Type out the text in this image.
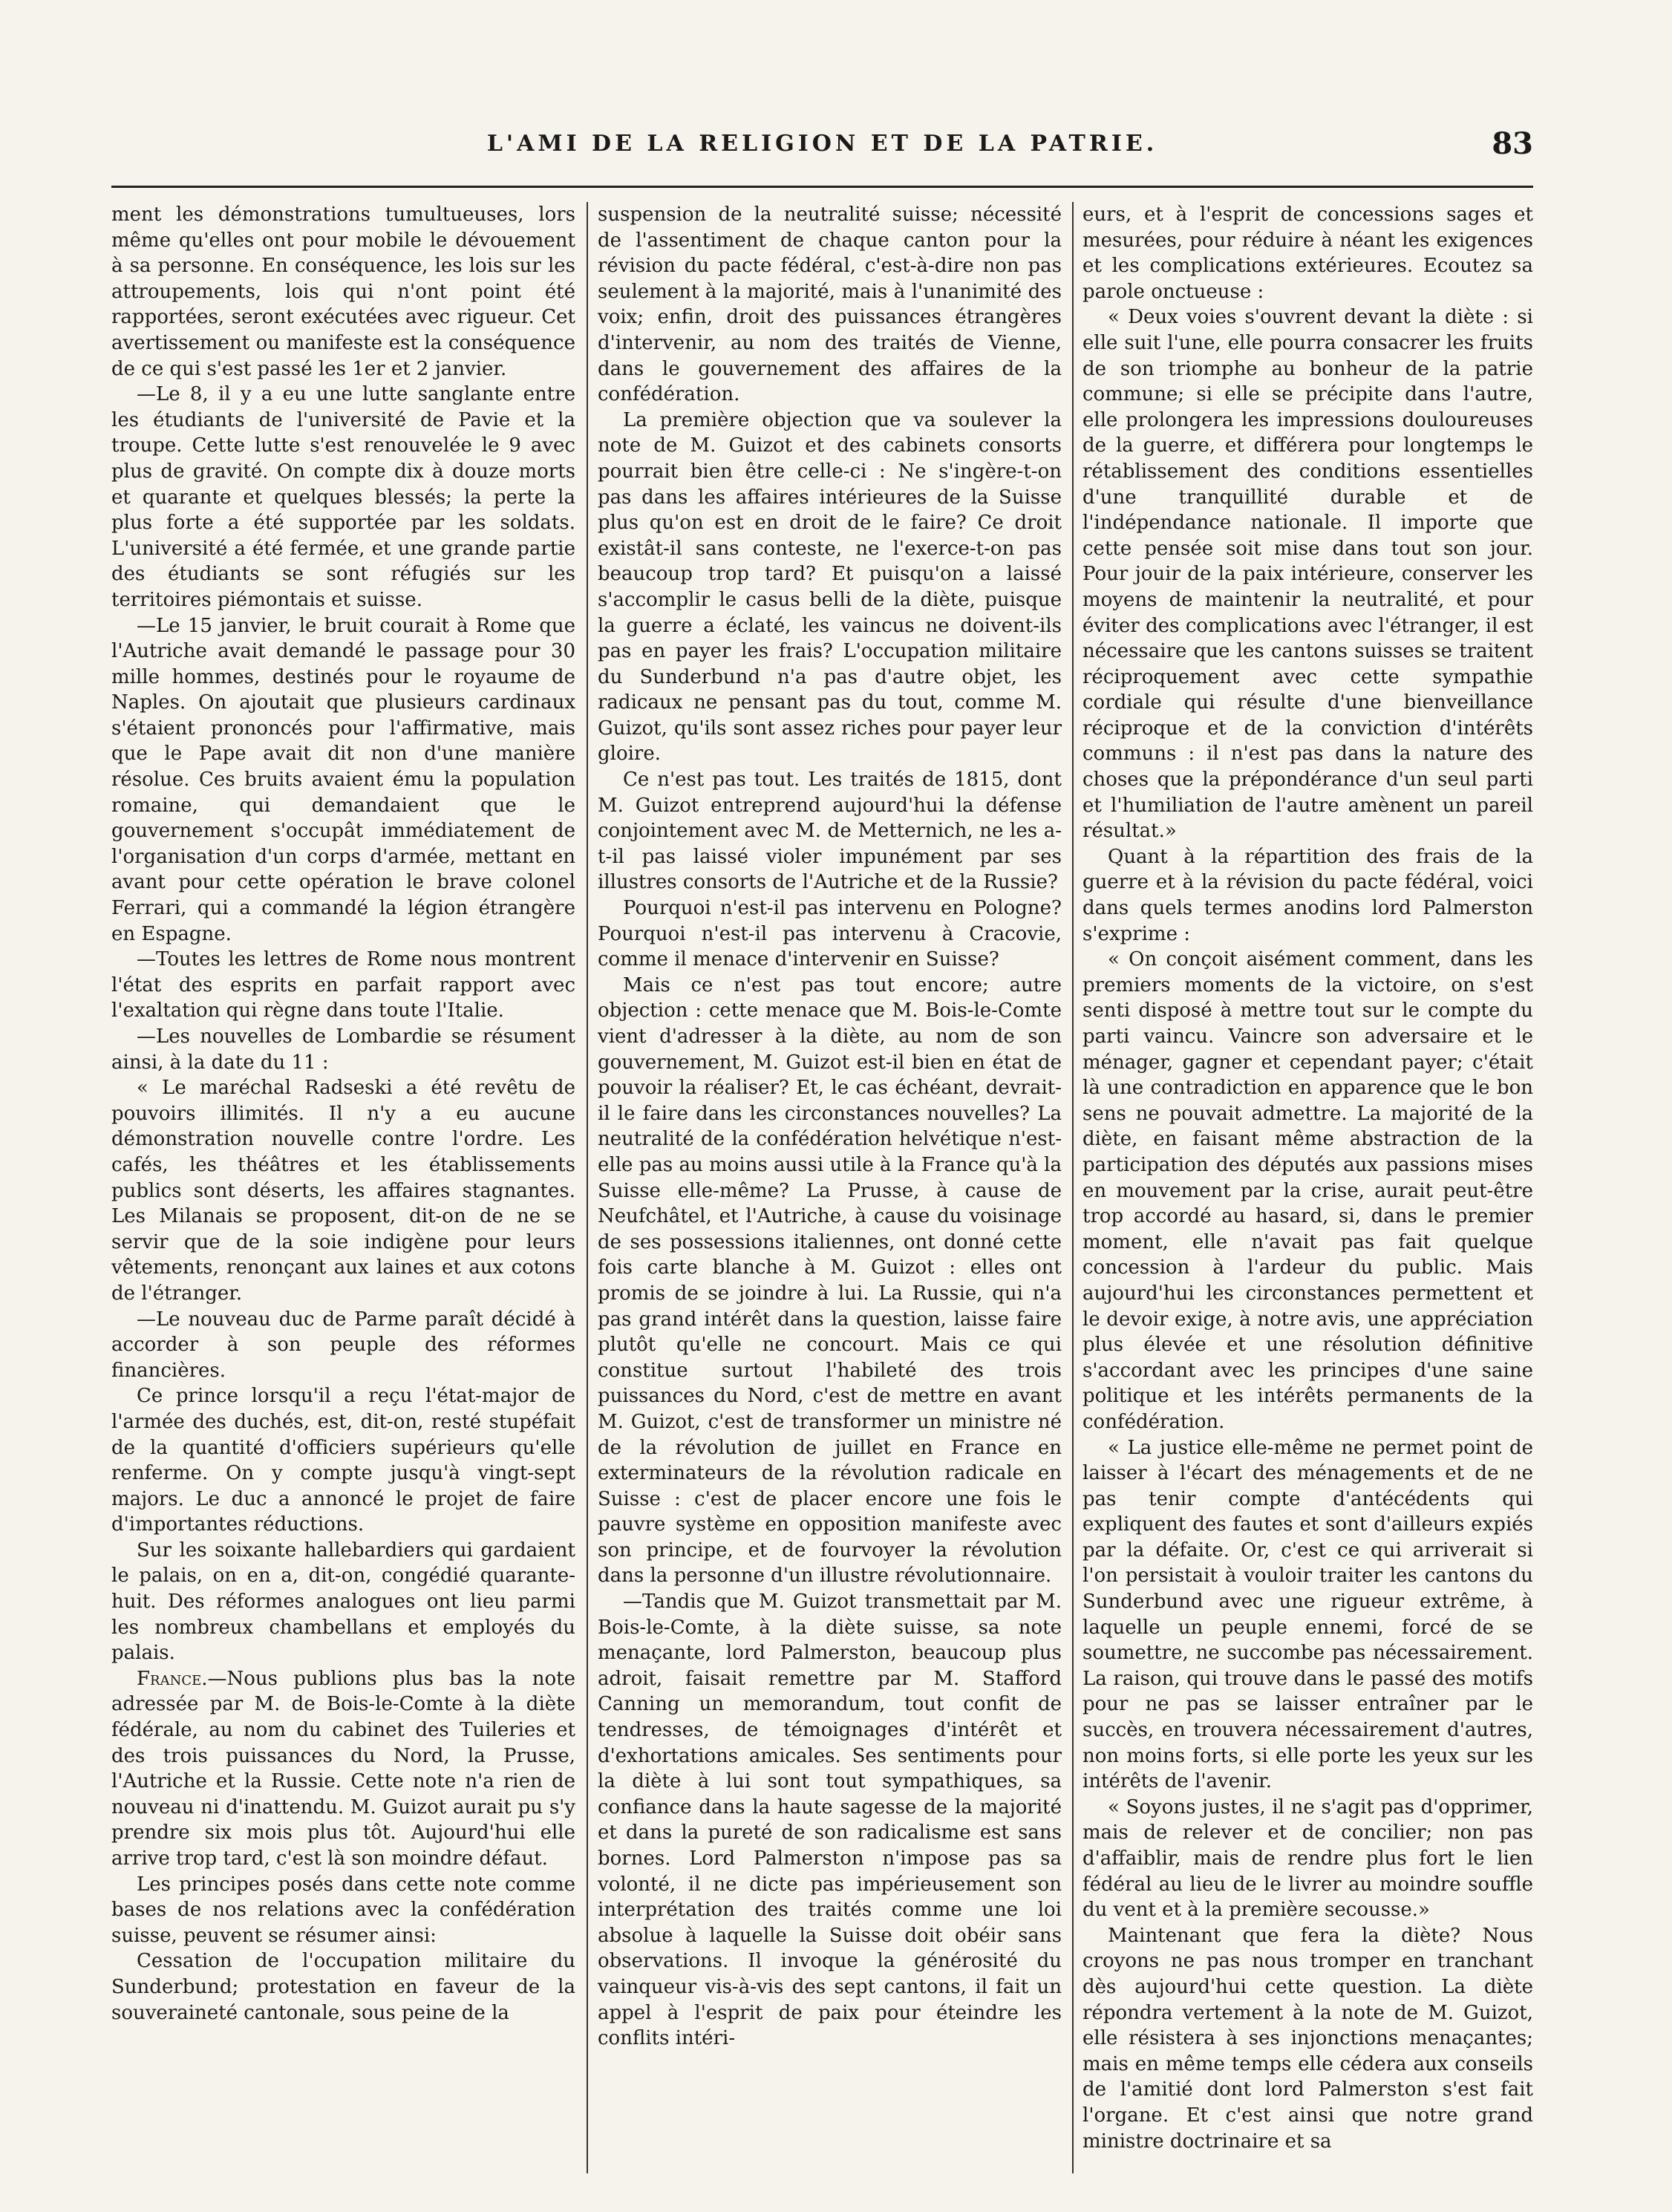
L'AMI DE LA RELIGION ET DE LA PATRIE.	83

ment les démonstrations tumultueuses, lors même qu'elles ont pour mobile le dévouement à sa personne. En conséquence, les lois sur les attroupements, lois qui n'ont point été rapportées, seront exécutées avec rigueur. Cet avertissement ou manifeste est la conséquence de ce qui s'est passé les 1er et 2 janvier.

—Le 8, il y a eu une lutte sanglante entre les étudiants de l'université de Pavie et la troupe. Cette lutte s'est renouvelée le 9 avec plus de gravité. On compte dix à douze morts et quarante et quelques blessés; la perte la plus forte a été supportée par les soldats. L'université a été fermée, et une grande partie des étudiants se sont réfugiés sur les territoires piémontais et suisse.

—Le 15 janvier, le bruit courait à Rome que l'Autriche avait demandé le passage pour 30 mille hommes, destinés pour le royaume de Naples. On ajoutait que plusieurs cardinaux s'étaient prononcés pour l'affirmative, mais que le Pape avait dit non d'une manière résolue. Ces bruits avaient ému la population romaine, qui demandaient que le gouvernement s'occupât immédiatement de l'organisation d'un corps d'armée, mettant en avant pour cette opération le brave colonel Ferrari, qui a commandé la légion étrangère en Espagne.

—Toutes les lettres de Rome nous montrent l'état des esprits en parfait rapport avec l'exaltation qui règne dans toute l'Italie.

—Les nouvelles de Lombardie se résument ainsi, à la date du 11 :

« Le maréchal Radseski a été revêtu de pouvoirs illimités. Il n'y a eu aucune démonstration nouvelle contre l'ordre. Les cafés, les théâtres et les établissements publics sont déserts, les affaires stagnantes. Les Milanais se proposent, dit-on de ne se servir que de la soie indigène pour leurs vêtements, renonçant aux laines et aux cotons de l'étranger.

—Le nouveau duc de Parme paraît décidé à accorder à son peuple des réformes financières.

Ce prince lorsqu'il a reçu l'état-major de l'armée des duchés, est, dit-on, resté stupéfait de la quantité d'officiers supérieurs qu'elle renferme. On y compte jusqu'à vingt-sept majors. Le duc a annoncé le projet de faire d'importantes réductions.

Sur les soixante hallebardiers qui gardaient le palais, on en a, dit-on, congédié quarante-huit. Des réformes analogues ont lieu parmi les nombreux chambellans et employés du palais.

France.—Nous publions plus bas la note adressée par M. de Bois-le-Comte à la diète fédérale, au nom du cabinet des Tuileries et des trois puissances du Nord, la Prusse, l'Autriche et la Russie. Cette note n'a rien de nouveau ni d'inattendu. M. Guizot aurait pu s'y prendre six mois plus tôt. Aujourd'hui elle arrive trop tard, c'est là son moindre défaut.

Les principes posés dans cette note comme bases de nos relations avec la confédération suisse, peuvent se résumer ainsi:

Cessation de l'occupation militaire du Sunderbund; protestation en faveur de la souveraineté cantonale, sous peine de la

suspension de la neutralité suisse; nécessité de l'assentiment de chaque canton pour la révision du pacte fédéral, c'est-à-dire non pas seulement à la majorité, mais à l'unanimité des voix; enfin, droit des puissances étrangères d'intervenir, au nom des traités de Vienne, dans le gouvernement des affaires de la confédération.

La première objection que va soulever la note de M. Guizot et des cabinets consorts pourrait bien être celle-ci : Ne s'ingère-t-on pas dans les affaires intérieures de la Suisse plus qu'on est en droit de le faire? Ce droit existât-il sans conteste, ne l'exerce-t-on pas beaucoup trop tard? Et puisqu'on a laissé s'accomplir le casus belli de la diète, puisque la guerre a éclaté, les vaincus ne doivent-ils pas en payer les frais? L'occupation militaire du Sunderbund n'a pas d'autre objet, les radicaux ne pensant pas du tout, comme M. Guizot, qu'ils sont assez riches pour payer leur gloire.

Ce n'est pas tout. Les traités de 1815, dont M. Guizot entreprend aujourd'hui la défense conjointement avec M. de Metternich, ne les a-t-il pas laissé violer impunément par ses illustres consorts de l'Autriche et de la Russie?

Pourquoi n'est-il pas intervenu en Pologne? Pourquoi n'est-il pas intervenu à Cracovie, comme il menace d'intervenir en Suisse?

Mais ce n'est pas tout encore; autre objection : cette menace que M. Bois-le-Comte vient d'adresser à la diète, au nom de son gouvernement, M. Guizot est-il bien en état de pouvoir la réaliser? Et, le cas échéant, devrait-il le faire dans les circonstances nouvelles? La neutralité de la confédération helvétique n'est-elle pas au moins aussi utile à la France qu'à la Suisse elle-même? La Prusse, à cause de Neufchâtel, et l'Autriche, à cause du voisinage de ses possessions italiennes, ont donné cette fois carte blanche à M. Guizot : elles ont promis de se joindre à lui. La Russie, qui n'a pas grand intérêt dans la question, laisse faire plutôt qu'elle ne concourt. Mais ce qui constitue surtout l'habileté des trois puissances du Nord, c'est de mettre en avant M. Guizot, c'est de transformer un ministre né de la révolution de juillet en France en exterminateurs de la révolution radicale en Suisse : c'est de placer encore une fois le pauvre système en opposition manifeste avec son principe, et de fourvoyer la révolution dans la personne d'un illustre révolutionnaire.

—Tandis que M. Guizot transmettait par M. Bois-le-Comte, à la diète suisse, sa note menaçante, lord Palmerston, beaucoup plus adroit, faisait remettre par M. Stafford Canning un memorandum, tout confit de tendresses, de témoignages d'intérêt et d'exhortations amicales. Ses sentiments pour la diète à lui sont tout sympathiques, sa confiance dans la haute sagesse de la majorité et dans la pureté de son radicalisme est sans bornes. Lord Palmerston n'impose pas sa volonté, il ne dicte pas impérieusement son interprétation des traités comme une loi absolue à laquelle la Suisse doit obéir sans observations. Il invoque la générosité du vainqueur vis-à-vis des sept cantons, il fait un appel à l'esprit de paix pour éteindre les conflits intéri-

eurs, et à l'esprit de concessions sages et mesurées, pour réduire à néant les exigences et les complications extérieures. Ecoutez sa parole onctueuse :

« Deux voies s'ouvrent devant la diète : si elle suit l'une, elle pourra consacrer les fruits de son triomphe au bonheur de la patrie commune; si elle se précipite dans l'autre, elle prolongera les impressions douloureuses de la guerre, et différera pour longtemps le rétablissement des conditions essentielles d'une tranquillité durable et de l'indépendance nationale. Il importe que cette pensée soit mise dans tout son jour. Pour jouir de la paix intérieure, conserver les moyens de maintenir la neutralité, et pour éviter des complications avec l'étranger, il est nécessaire que les cantons suisses se traitent réciproquement avec cette sympathie cordiale qui résulte d'une bienveillance réciproque et de la conviction d'intérêts communs : il n'est pas dans la nature des choses que la prépondérance d'un seul parti et l'humiliation de l'autre amènent un pareil résultat.»

Quant à la répartition des frais de la guerre et à la révision du pacte fédéral, voici dans quels termes anodins lord Palmerston s'exprime :

« On conçoit aisément comment, dans les premiers moments de la victoire, on s'est senti disposé à mettre tout sur le compte du parti vaincu. Vaincre son adversaire et le ménager, gagner et cependant payer; c'était là une contradiction en apparence que le bon sens ne pouvait admettre. La majorité de la diète, en faisant même abstraction de la participation des députés aux passions mises en mouvement par la crise, aurait peut-être trop accordé au hasard, si, dans le premier moment, elle n'avait pas fait quelque concession à l'ardeur du public. Mais aujourd'hui les circonstances permettent et le devoir exige, à notre avis, une appréciation plus élevée et une résolution définitive s'accordant avec les principes d'une saine politique et les intérêts permanents de la confédération.

« La justice elle-même ne permet point de laisser à l'écart des ménagements et de ne pas tenir compte d'antécédents qui expliquent des fautes et sont d'ailleurs expiés par la défaite. Or, c'est ce qui arriverait si l'on persistait à vouloir traiter les cantons du Sunderbund avec une rigueur extrême, à laquelle un peuple ennemi, forcé de se soumettre, ne succombe pas nécessairement. La raison, qui trouve dans le passé des motifs pour ne pas se laisser entraîner par le succès, en trouvera nécessairement d'autres, non moins forts, si elle porte les yeux sur les intérêts de l'avenir.

« Soyons justes, il ne s'agit pas d'opprimer, mais de relever et de concilier; non pas d'affaiblir, mais de rendre plus fort le lien fédéral au lieu de le livrer au moindre souffle du vent et à la première secousse.»

Maintenant que fera la diète? Nous croyons ne pas nous tromper en tranchant dès aujourd'hui cette question. La diète répondra vertement à la note de M. Guizot, elle résistera à ses injonctions menaçantes; mais en même temps elle cédera aux conseils de l'amitié dont lord Palmerston s'est fait l'organe. Et c'est ainsi que notre grand ministre doctrinaire et sa
